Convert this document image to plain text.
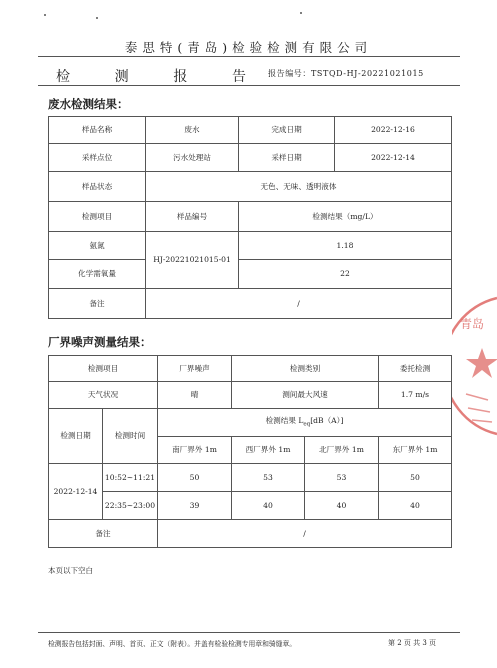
泰思特(青岛)检验检测有限公司
检	测	报	告	报告编号：TSTQD-HJ-20221021015
废水检测结果：
样品名称	废水	完成日期	2022-12-16
采样点位	污水处理站	采样日期	2022-12-14
样品状态	无色、无味、透明液体		
检测项目	样品编号	检测结果（mg/L）	
氨氮	HJ-20221021015-01	1.18	
化学需氧量		22	
备注	/		
厂界噪声测量结果：
检测项目		厂界噪声	检测类别		委托检测
天气状况		晴	测间最大风速		1.7 m/s
检测日期	检测时间	检测结果 $L_{eq}[dB(A)]$			
		南厂界外 1m	西厂界外 1m	北厂界外 1m	东厂界外 1m
2022-12-14	10:52~11:21	50	53	53	50
	22:35~23:00	39	40	40	40
备注		/			
本页以下空白
检测报告包括封面、声明、首页、正文（附表）。并盖有检验检测专用章和骑缝章。	第 2 页 共 3 页
青岛
